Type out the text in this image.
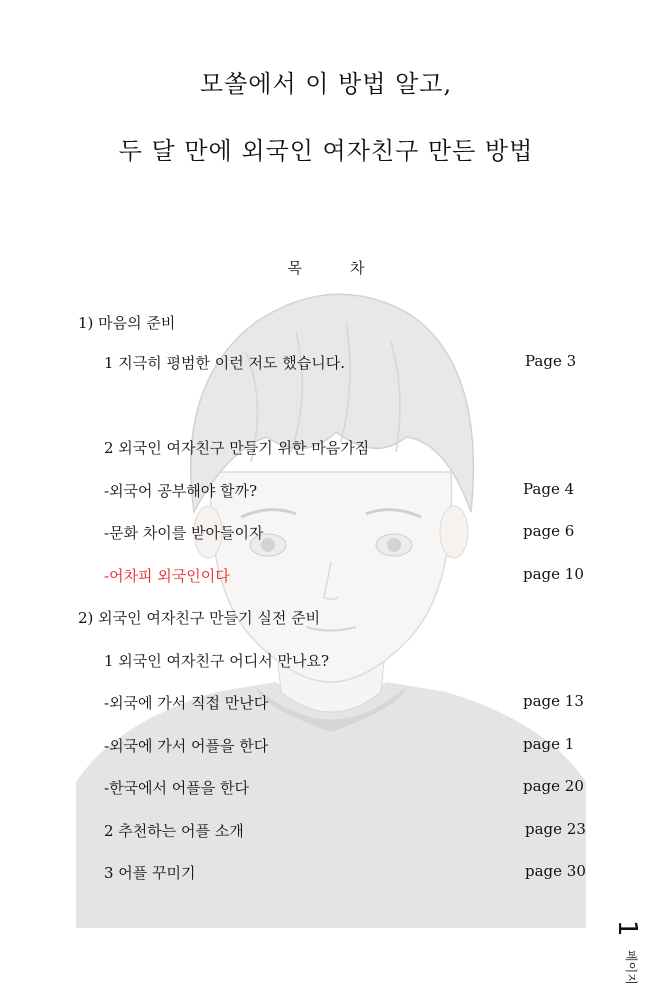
모쏠에서 이 방법 알고,
두 달 만에 외국인 여자친구 만든 방법
목차
1) 마음의 준비
1 지극히 평범한 이런 저도 했습니다.	Page 3
2 외국인 여자친구 만들기 위한 마음가짐
-외국어 공부해야 할까?	Page 4
-문화 차이를 받아들이자	page 6
-어차피 외국인이다	page 10
2) 외국인 여자친구 만들기 실전 준비
1 외국인 여자친구 어디서 만나요?
-외국에 가서 직접 만난다	page 13
-외국에 가서 어플을 한다	page 1
-한국에서 어플을 한다	page 20
2 추천하는 어플 소개	page 23
3 어플 꾸미기	page 30
1
페이지
